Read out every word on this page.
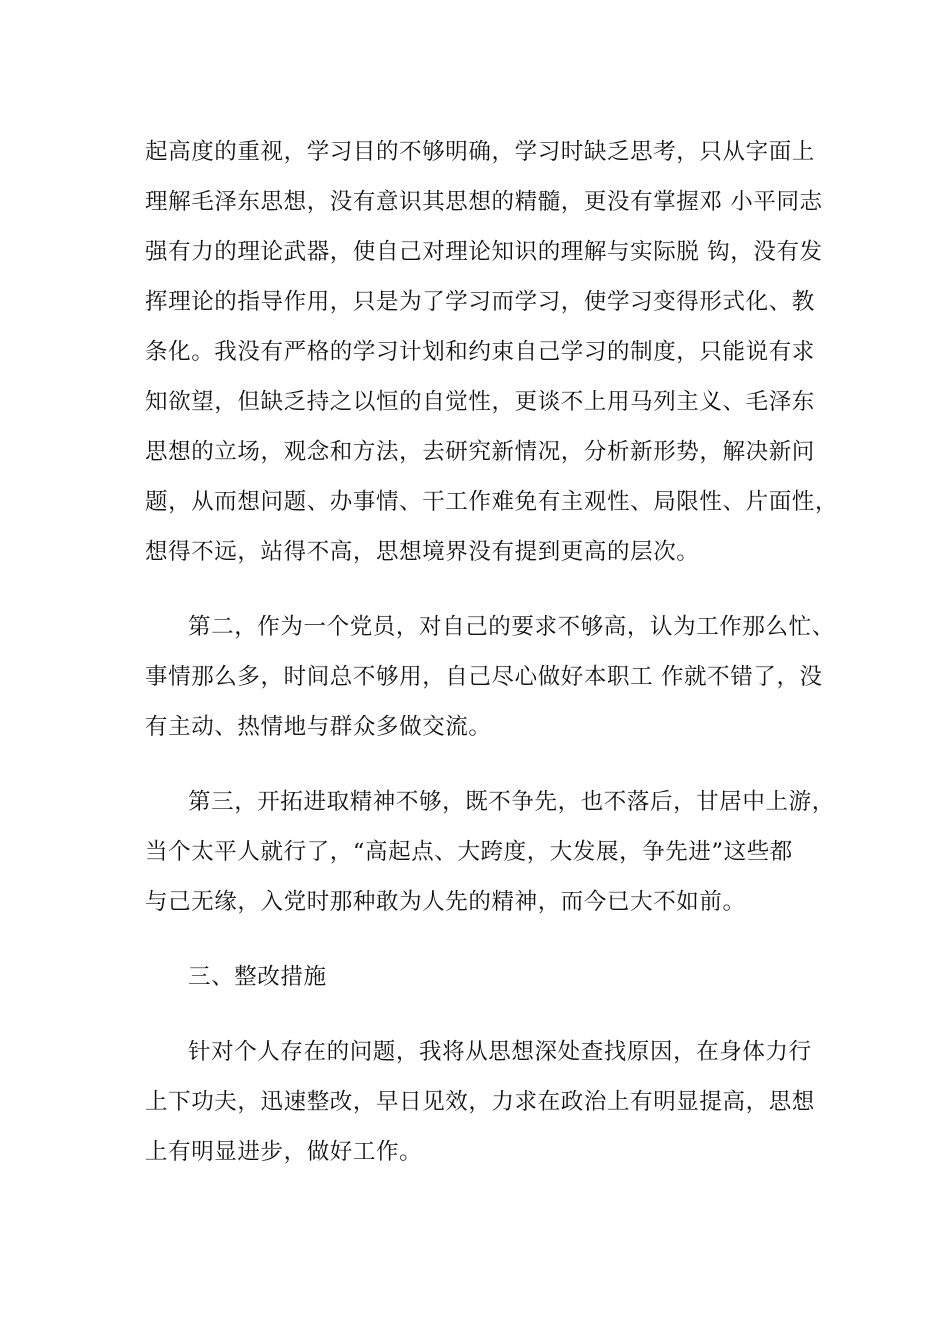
起高度的重视，学习目的不够明确，学习时缺乏思考，只从字面上
理解毛泽东思想，没有意识其思想的精髓，更没有掌握邓 小平同志
强有力的理论武器，使自己对理论知识的理解与实际脱 钩，没有发
挥理论的指导作用，只是为了学习而学习，使学习变得形式化、教
条化。我没有严格的学习计划和约束自己学习的制度，只能说有求
知欲望，但缺乏持之以恒的自觉性，更谈不上用马列主义、毛泽东
思想的立场，观念和方法，去研究新情况，分析新形势，解决新问
题，从而想问题、办事情、干工作难免有主观性、局限性、片面性，
想得不远，站得不高，思想境界没有提到更高的层次。
第二，作为一个党员，对自己的要求不够高，认为工作那么忙、
事情那么多，时间总不够用，自己尽心做好本职工 作就不错了，没
有主动、热情地与群众多做交流。
第三，开拓进取精神不够，既不争先，也不落后，甘居中上游，
当个太平人就行了，“高起点、大跨度，大发展，争先进”这些都
与己无缘，入党时那种敢为人先的精神，而今已大不如前。
三、整改措施
针对个人存在的问题，我将从思想深处查找原因，在身体力行
上下功夫，迅速整改，早日见效，力求在政治上有明显提高，思想
上有明显进步，做好工作。
